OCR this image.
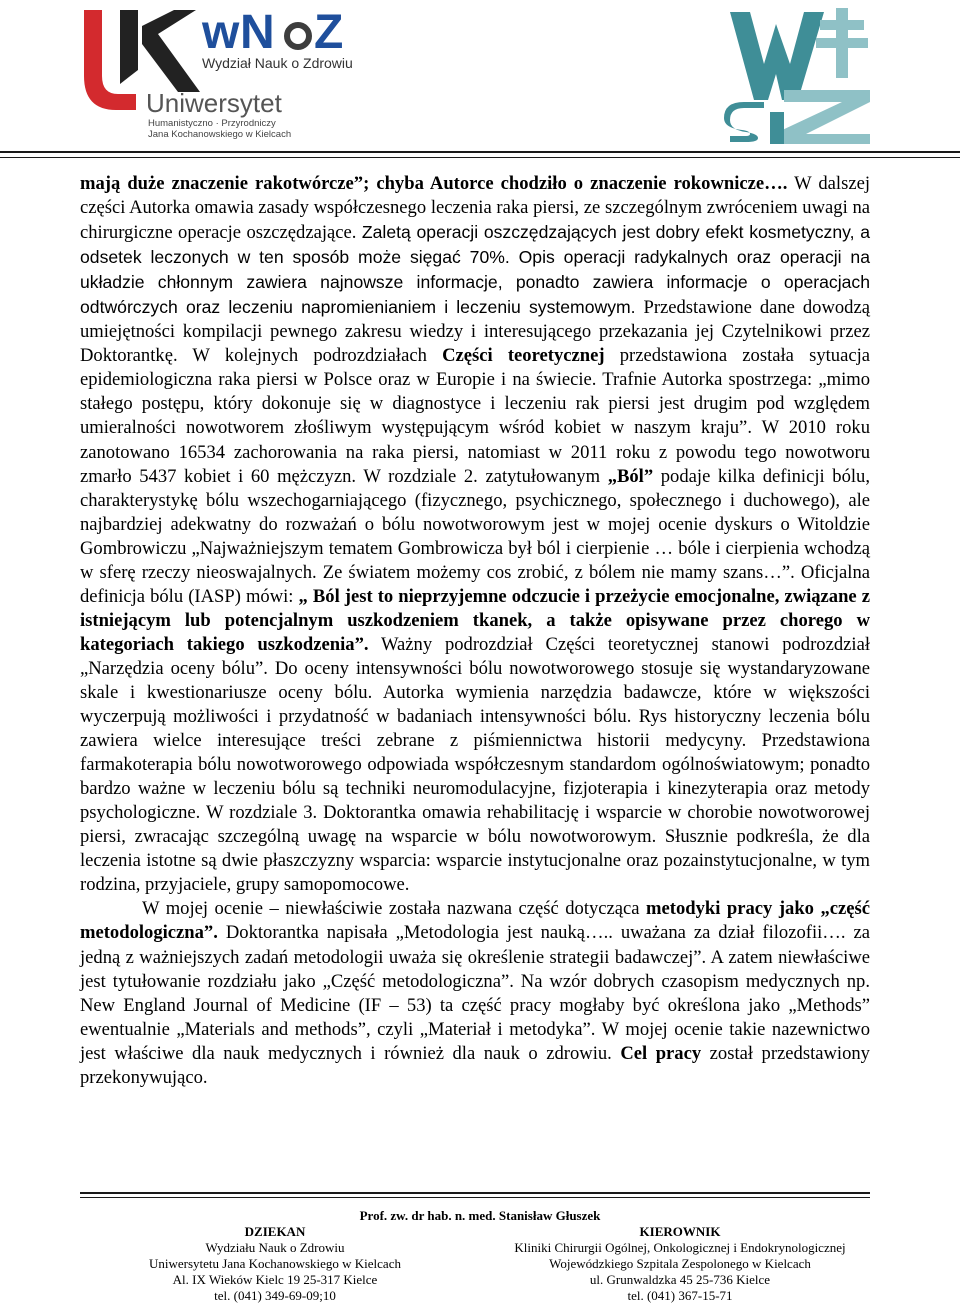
w N Z
Wydział Nauk o Zdrowiu
Uniwersytet
Humanistyczno · Przyrodniczy
Jana Kochanowskiego w Kielcach

mają duże znaczenie rakotwórcze”; chyba Autorce chodziło o znaczenie rokownicze…. W dalszej części Autorka omawia zasady współczesnego leczenia raka piersi, ze szczególnym zwróceniem uwagi na chirurgiczne operacje oszczędzające. Zaletą operacji oszczędzających jest dobry efekt kosmetyczny, a odsetek leczonych w ten sposób może sięgać 70%. Opis operacji radykalnych oraz operacji na układzie chłonnym zawiera najnowsze informacje, ponadto zawiera informacje o operacjach odtwórczych oraz leczeniu napromienianiem i leczeniu systemowym. Przedstawione dane dowodzą umiejętności kompilacji pewnego zakresu wiedzy i interesującego przekazania jej Czytelnikowi przez Doktorantkę. W kolejnych podrozdziałach Części teoretycznej przedstawiona została sytuacja epidemiologiczna raka piersi w Polsce oraz w Europie i na świecie. Trafnie Autorka spostrzega: „mimo stałego postępu, który dokonuje się w diagnostyce i leczeniu rak piersi jest drugim pod względem umieralności nowotworem złośliwym występującym wśród kobiet w naszym kraju”. W 2010 roku zanotowano 16534 zachorowania na raka piersi, natomiast w 2011 roku z powodu tego nowotworu zmarło 5437 kobiet i 60 mężczyzn. W rozdziale 2. zatytułowanym „Ból” podaje kilka definicji bólu, charakterystykę bólu wszechogarniającego (fizycznego, psychicznego, społecznego i duchowego), ale najbardziej adekwatny do rozważań o bólu nowotworowym jest w mojej ocenie dyskurs o Witoldzie Gombrowiczu „Najważniejszym tematem Gombrowicza był ból i cierpienie … bóle i cierpienia wchodzą w sferę rzeczy nieoswajalnych. Ze światem możemy cos zrobić, z bólem nie mamy szans…”. Oficjalna definicja bólu (IASP) mówi: „ Ból jest to nieprzyjemne odczucie i przeżycie emocjonalne, związane z istniejącym lub potencjalnym uszkodzeniem tkanek, a także opisywane przez chorego w kategoriach takiego uszkodzenia”. Ważny podrozdział Części teoretycznej stanowi podrozdział „Narzędzia oceny bólu”. Do oceny intensywności bólu nowotworowego stosuje się wystandaryzowane skale i kwestionariusze oceny bólu. Autorka wymienia narzędzia badawcze, które w większości wyczerpują możliwości i przydatność w badaniach intensywności bólu. Rys historyczny leczenia bólu zawiera wielce interesujące treści zebrane z piśmiennictwa historii medycyny. Przedstawiona farmakoterapia bólu nowotworowego odpowiada współczesnym standardom ogólnoświatowym; ponadto bardzo ważne w leczeniu bólu są techniki neuromodulacyjne, fizjoterapia i kinezyterapia oraz metody psychologiczne. W rozdziale 3. Doktorantka omawia rehabilitację i wsparcie w chorobie nowotworowej piersi, zwracając szczególną uwagę na wsparcie w bólu nowotworowym. Słusznie podkreśla, że dla leczenia istotne są dwie płaszczyzny wsparcia: wsparcie instytucjonalne oraz pozainstytucjonalne, w tym rodzina, przyjaciele, grupy samopomocowe.

W mojej ocenie – niewłaściwie została nazwana część dotycząca metodyki pracy jako „część metodologiczna”. Doktorantka napisała „Metodologia jest nauką….. uważana za dział filozofii…. za jedną z ważniejszych zadań metodologii uważa się określenie strategii badawczej”. A zatem niewłaściwe jest tytułowanie rozdziału jako „Część metodologiczna”. Na wzór dobrych czasopism medycznych np. New England Journal of Medicine (IF – 53) ta część pracy mogłaby być określona jako „Methods” ewentualnie „Materials and methods”, czyli „Materiał i metodyka”. W mojej ocenie takie nazewnictwo jest właściwe dla nauk medycznych i również dla nauk o zdrowiu. Cel pracy został przedstawiony przekonywująco.

Prof. zw. dr hab. n. med. Stanisław Głuszek
DZIEKAN
Wydziału Nauk o Zdrowiu
Uniwersytetu Jana Kochanowskiego w Kielcach
Al. IX Wieków Kielc 19 25-317 Kielce
tel. (041) 349-69-09;10
KIEROWNIK
Kliniki Chirurgii Ogólnej, Onkologicznej i Endokrynologicznej
Wojewódzkiego Szpitala Zespolonego w Kielcach
ul. Grunwaldzka 45 25-736 Kielce
tel. (041) 367-15-71
